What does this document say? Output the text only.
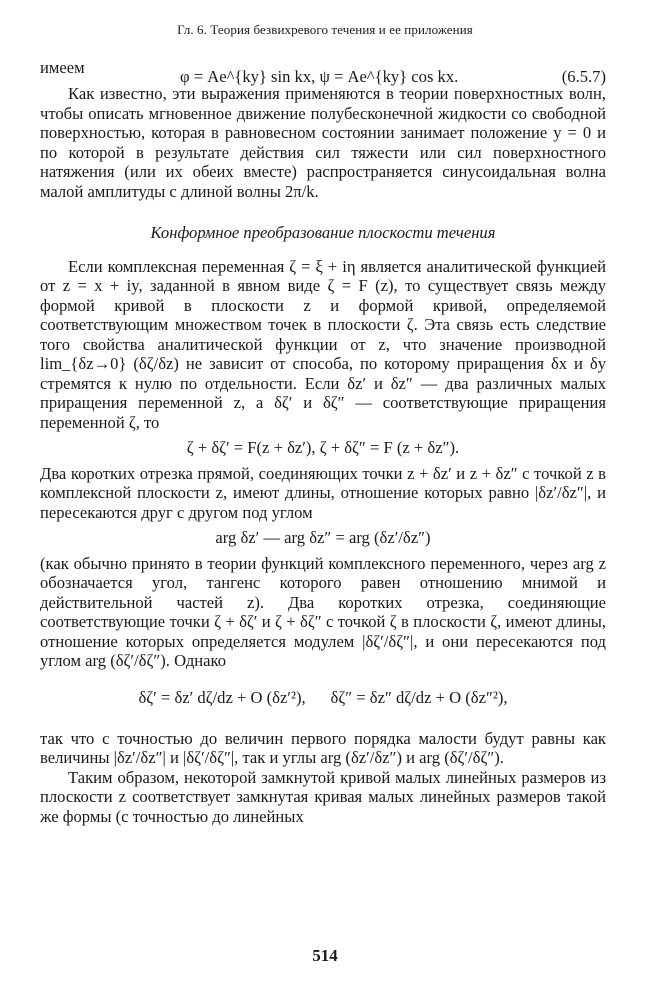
Гл. 6. Теория безвихревого течения и ее приложения
имеем	φ = Ae^{ky} sin kx, ψ = Ae^{ky} cos kx.	(6.5.7)

Как известно, эти выражения применяются в теории поверхностных волн, чтобы описать мгновенное движение полубесконечной жидкости со свободной поверхностью, которая в равновесном состоянии занимает положение y = 0 и по которой в результате действия сил тяжести или сил поверхностного натяжения (или их обеих вместе) распространяется синусоидальная волна малой амплитуды с длиной волны 2π/k.

Конформное преобразование плоскости течения

Если комплексная переменная ζ = ξ + iη является аналитической функцией от z = x + iy, заданной в явном виде ζ = F (z), то существует связь между формой кривой в плоскости z и формой кривой, определяемой соответствующим множеством точек в плоскости ζ. Эта связь есть следствие того свойства аналитической функции от z, что значение производной lim_{δz→0} (δζ/δz) не зависит от способа, по которому приращения δx и δy стремятся к нулю по отдельности. Если δz′ и δz″ — два различных малых приращения переменной z, а δζ′ и δζ″ — соответствующие приращения переменной ζ, то

ζ + δζ′ = F(z + δz′), ζ + δζ″ = F (z + δz″).

Два коротких отрезка прямой, соединяющих точки z + δz′ и z + δz″ с точкой z в комплексной плоскости z, имеют длины, отношение которых равно |δz′/δz″|, и пересекаются друг с другом под углом

arg δz′ — arg δz″ = arg (δz′/δz″)

(как обычно принято в теории функций комплексного переменного, через arg z обозначается угол, тангенс которого равен отношению мнимой и действительной частей z). Два коротких отрезка, соединяющие соответствующие точки ζ + δζ′ и ζ + δζ″ с точкой ζ в плоскости ζ, имеют длины, отношение которых определяется модулем |δζ′/δζ″|, и они пересекаются под углом arg (δζ′/δζ″). Однако

δζ′ = δz′ dζ/dz + O (δz′²), δζ″ = δz″ dζ/dz + O (δz″²),

так что с точностью до величин первого порядка малости будут равны как величины |δz′/δz″| и |δζ′/δζ″|, так и углы arg (δz′/δz″) и arg (δζ′/δζ″).

Таким образом, некоторой замкнутой кривой малых линейных размеров из плоскости z соответствует замкнутая кривая малых линейных размеров такой же формы (с точностью до линейных

514
